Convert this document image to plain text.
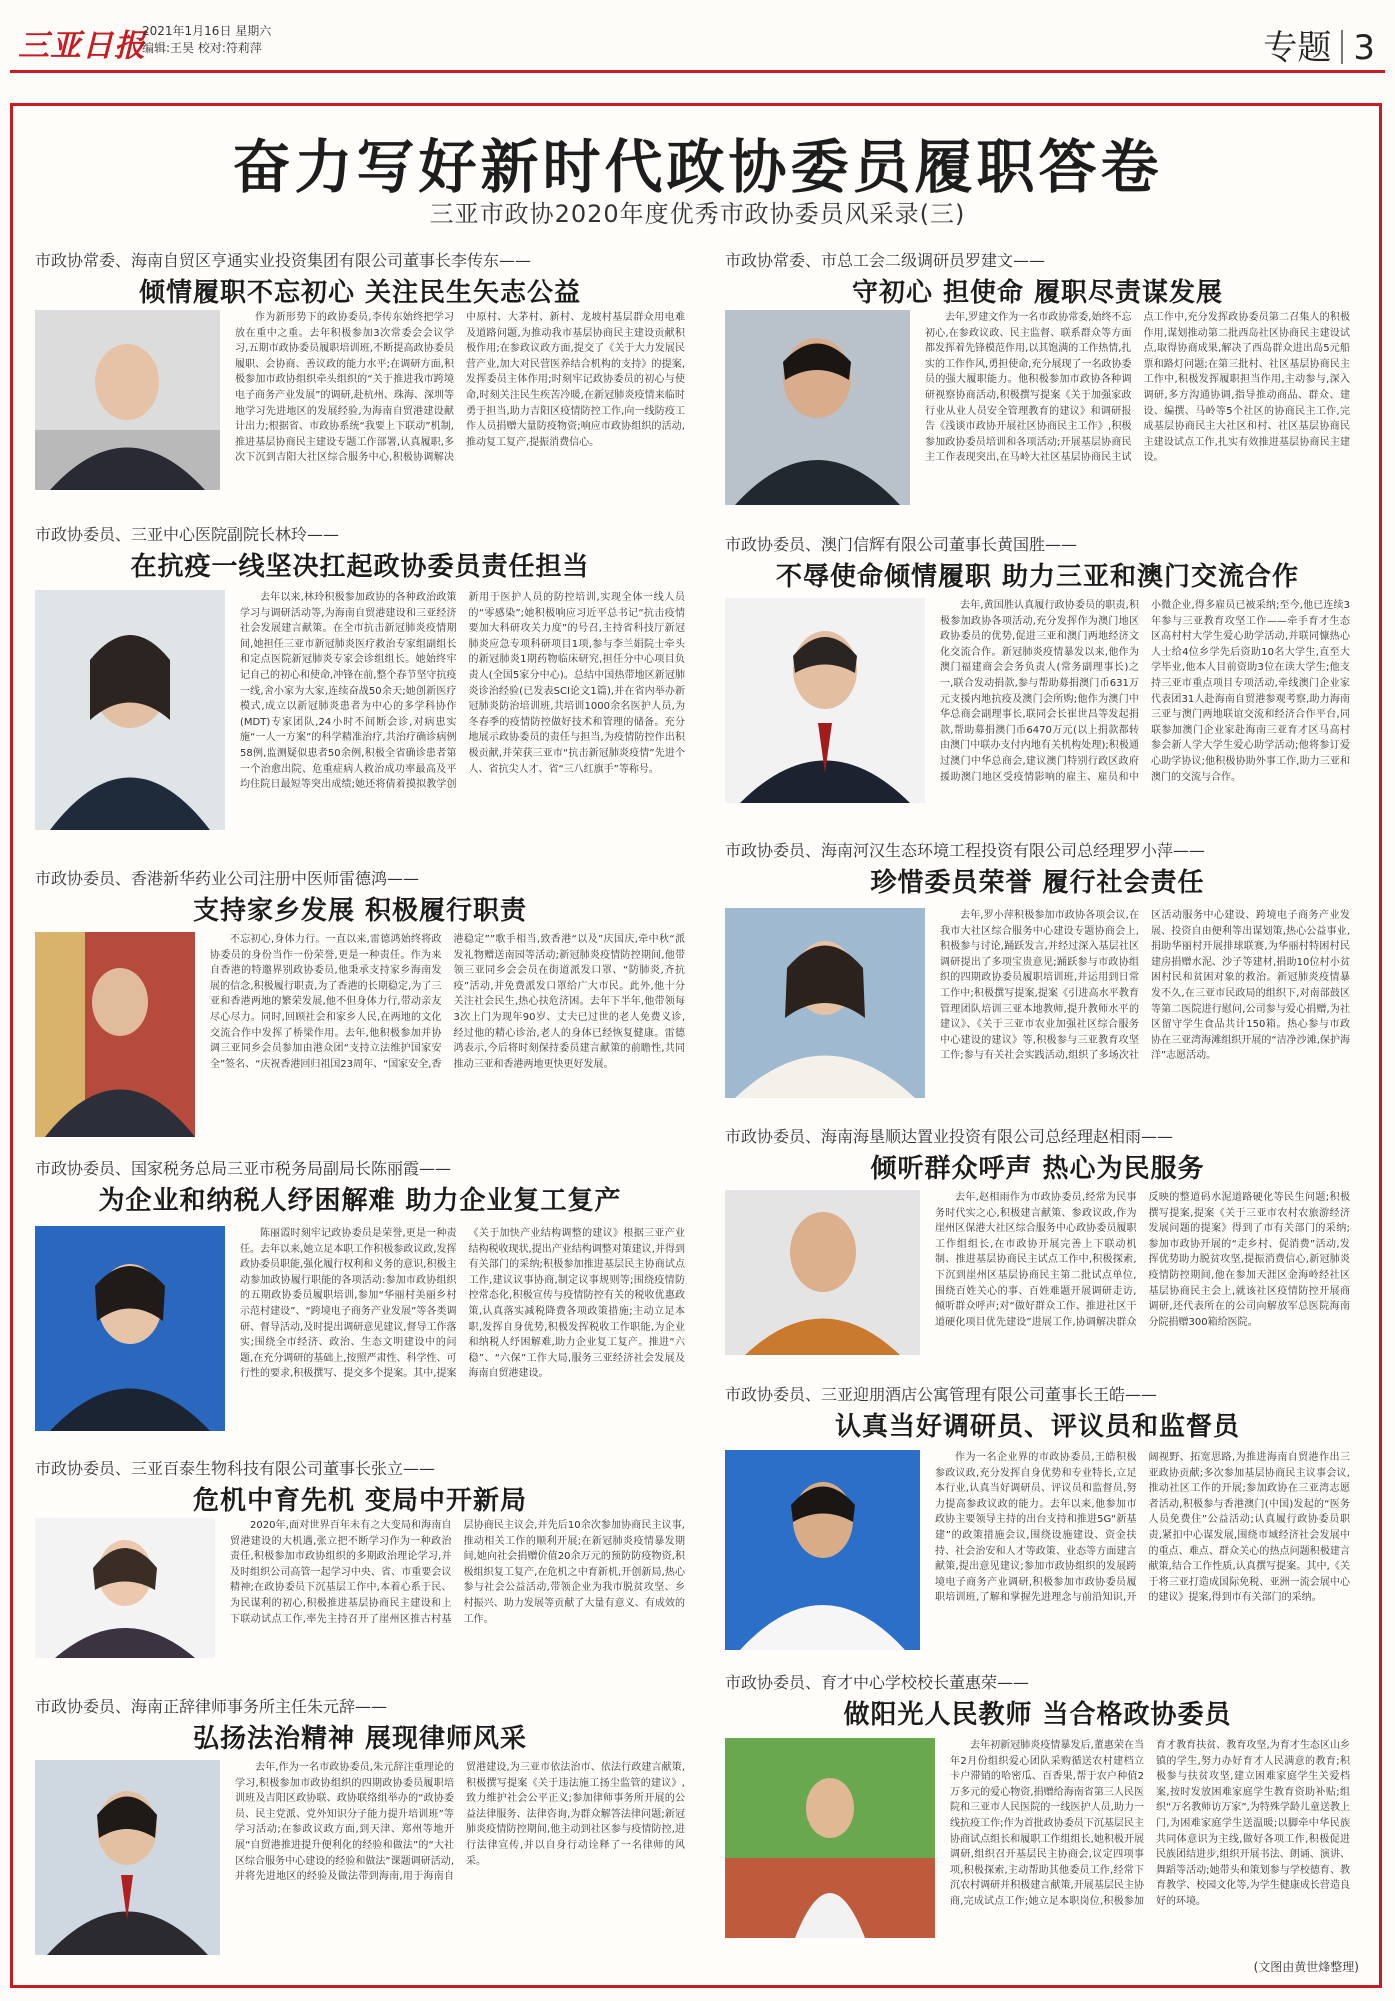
三亚日报
2021年1月16日 星期六
编辑:王昊 校对:符莉萍	专题 3
奋力写好新时代政协委员履职答卷
三亚市政协2020年度优秀市政协委员风采录(三)
市政协常委、海南自贸区亨通实业投资集团有限公司董事长李传东——
倾情履职不忘初心 关注民生矢志公益
作为新形势下的政协委员,李传东始终把学习放在重中之重。去年积极参加3次常委会会议学习,五期市政协委员履职培训班,不断提高政协委员履职、会协商、善议政的能力水平;在调研方面,积极参加市政协组织牵头组织的“关于推进我市跨境电子商务产业发展”的调研,赴杭州、珠海、深圳等地学习先进地区的发展经验,为海南自贸港建设献计出力;根据省、市政协系统“我要上下联动”机制,推进基层协商民主建设专题工作部署,认真履职,多次下沉到吉阳大社区综合服务中心,积极协调解决中原村、大茅村、新村、龙坡村基层群众用电难及道路问题,为推动我市基层协商民主建设贡献积极作用;在参政议政方面,提交了《关于大力发展民营产业,加大对民营医养结合机构的支持》的提案,发挥委员主体作用;时刻牢记政协委员的初心与使命,时刻关注民生疾苦冷暖,在新冠肺炎疫情来临时勇于担当,助力吉阳区疫情防控工作,向一线防疫工作人员捐赠大量防疫物资;响应市政协组织的活动,推动复工复产,提振消费信心。
市政协委员、三亚中心医院副院长林玲——
在抗疫一线坚决扛起政协委员责任担当
去年以来,林玲积极参加政协的各种政治政策学习与调研活动等,为海南自贸港建设和三亚经济社会发展建言献策。在全市抗击新冠肺炎疫情期间,她担任三亚市新冠肺炎医疗救治专家组副组长和定点医院新冠肺炎专家会诊组组长。她始终牢记自己的初心和使命,冲锋在前,整个春节坚守抗疫一线,舍小家为大家,连续奋战50余天;她创新医疗模式,成立以新冠肺炎患者为中心的多学科协作(MDT)专家团队,24小时不间断会诊,对病患实施“一人一方案”的科学精准治疗,共治疗确诊病例58例,监测疑似患者50余例,积极全省确诊患者第一个治愈出院、危重症病人救治成功率最高及平均住院日最短等突出成绩;她还将倩着摸拟教学创新用于医护人员的防控培训,实现全体一线人员的“零感染”;她积极响应习近平总书记“抗击疫情要加大科研攻关力度”的号召,主持省科技厅新冠肺炎应急专项科研项目1项,参与李兰娟院士牵头的新冠肺炎1期药物临床研究,担任分中心项目负责人(全国5家分中心)。总结中国热带地区新冠肺炎诊治经验(已发表SCI论文1篇),并在省内举办新冠肺炎防治培训班,共培训1000余名医护人员,为冬春季的疫情防控做好技术和管理的储备。充分地展示政协委员的责任与担当,为疫情防控作出积极贡献,并荣获三亚市“抗击新冠肺炎疫情”先进个人、省抗尖人才、省“三八红旗手”等称号。
市政协委员、香港新华药业公司注册中医师雷德鸿——
支持家乡发展 积极履行职责
不忘初心,身体力行。一直以来,雷德鸿始终将政协委员的身份当作一份荣誉,更是一种责任。作为来自香港的特邀界别政协委员,他秉承支持家乡海南发展的信念,积极履行职责,为了香港的长期稳定,为了三亚和香港两地的繁荣发展,他不但身体力行,带动亲友尽心尽力。同时,回顾社会和家乡人民,在两地的文化交流合作中发挥了桥梁作用。去年,他积极参加并协调三亚同乡会员参加由港众团“支持立法维护国家安全”签名、“庆祝香港回归祖国23周年、“国家安全,香港稳定””歌手相当,致香港“以及”庆国庆,牵中秋“派发礼物赠送南园等活动;新冠肺炎疫情防控期间,他带领三亚同乡会会员在街道派发口罩、“防肺炎,齐抗疫”活动,并免费派发口罩给广大市民。此外,他十分关注社会民生,热心扶危济困。去年下半年,他带领每3次上门为现年90岁、丈夫已过世的老人免费义诊,经过他的精心诊治,老人的身体已经恢复健康。雷德鸿表示,今后将时刻保持委员建言献策的前瞻性,共同推动三亚和香港两地更快更好发展。
市政协委员、国家税务总局三亚市税务局副局长陈丽霞——
为企业和纳税人纾困解难 助力企业复工复产
陈丽霞时刻牢记政协委员是荣誉,更是一种责任。去年以来,她立足本职工作积极参政议政,发挥政协委员职能,强化履行权利和义务的意识,积极主动参加政协履行职能的各项活动:参加市政协组织的五期政协委员履职培训,参加“华丽村美丽乡村示范村建设”、“跨境电子商务产业发展”等各类调研、督导活动,及时提出调研意见建议,督导工作落实;围绕全市经济、政治、生态文明建设中的问题,在充分调研的基础上,按照严肃性、科学性、可行性的要求,积极撰写、提交多个提案。其中,提案《关于加快产业结构调整的建议》根据三亚产业结构税收现状,提出产业结构调整对策建议,并得到有关部门的采纳;积极参加推进基层民主协商试点工作,建议议事协商,制定议事规则等;围绕疫情防控常态化,积极宣传与疫情防控有关的税收优惠政策,认真落实减税降费各项政策措施;主动立足本职,发挥自身优势,积极发挥税收工作职能,为企业和纳税人纾困解难,助力企业复工复产。推进“六稳”、“六保”工作大局,服务三亚经济社会发展及海南自贸港建设。
市政协委员、三亚百泰生物科技有限公司董事长张立——
危机中育先机 变局中开新局
2020年,面对世界百年未有之大变局和海南自贸港建设的大机遇,张立把不断学习作为一种政治责任,积极参加市政协组织的多期政治理论学习,并及时组织公司高管一起学习中央、省、市重要会议精神;在政协委员下沉基层工作中,本着心系于民、为民谋利的初心,积极推进基层协商民主建设和上下联动试点工作,率先主持召开了崖州区推古村基层协商民主议会,并先后10余次参加协商民主议事,推动相关工作的顺利开展;在新冠肺炎疫情暴发期间,她向社会捐赠价值20余万元的预防防疫物资,积极组织复工复产,在危机之中育新机,开创新局,热心参与社会公益活动,带领企业为我市脱贫攻坚、乡村振兴、助力发展等贡献了大量有意义、有成效的工作。
市政协委员、海南正辞律师事务所主任朱元辞——
弘扬法治精神 展现律师风采
去年,作为一名市政协委员,朱元辞注重理论的学习,积极参加市政协组织的四期政协委员履职培训班及吉阳区政协联、政协联络组举办的“政协委员、民主党派、党外知识分子能力提升培训班”等学习活动;在参政议政方面,到天津、郑州等地开展“自贸港推进提升便利化的经验和做法”的“大社区综合服务中心建设的经验和做法”课题调研活动,并将先进地区的经验及做法带到海南,用于海南自贸港建设,为三亚市依法治市、依法行政建言献策,积极撰写提案《关于违法施工扬尘监管的建议》,致力维护社会公平正义;参加律师事务所开展的公益法律服务、法律咨询,为群众解答法律问题;新冠肺炎疫情防控期间,他主动到社区参与疫情防控,进行法律宣传,并以自身行动诠释了一名律师的风采。
市政协常委、市总工会二级调研员罗建文——
守初心 担使命 履职尽责谋发展
去年,罗建文作为一名市政协常委,始终不忘初心,在参政议政、民主监督、联系群众等方面都发挥着先锋模范作用,以其饱满的工作热情,扎实的工作作风,勇担使命,充分展现了一名政协委员的强大履职能力。他积极参加市政协各种调研视察协商活动,积极撰写提案《关于加强家政行业从业人员安全管理教育的建议》和调研报告《浅谈市政协开展社区协商民主工作》,积极参加政协委员培训和各项活动;开展基层协商民主工作表现突出,在马岭大社区基层协商民主试点工作中,充分发挥政协委员第二召集人的积极作用,谋划推动第二批西岛社区协商民主建设试点,取得协商成果,解决了西岛群众进出岛5元船票和路灯问题;在第三批村、社区基层协商民主工作中,积极发挥履职担当作用,主动参与,深入调研,多方沟通协调,指导推动商品、群众、建设、编撰、马岭等5个社区的协商民主工作,完成基层协商民主大社区和村、社区基层协商民主建设试点工作,扎实有效推进基层协商民主建设。
市政协委员、澳门信辉有限公司董事长黄国胜——
不辱使命倾情履职 助力三亚和澳门交流合作
去年,黄国胜认真履行政协委员的职责,积极参加政协各项活动,充分发挥作为澳门地区政协委员的优势,促进三亚和澳门两地经济文化交流合作。新冠肺炎疫情暴发以来,他作为澳门福建商会会务负责人(常务副理事长)之一,联合发动捐款,参与帮助募捐澳门币631万元支援内地抗疫及澳门会所购;他作为澳门中华总商会副理事长,联同会长崔世昌等发起捐款,帮助募捐澳门币6470万元(以上捐款都转由澳门中联办支付内地有关机构处理);积极通过澳门中华总商会,建议澳门特别行政区政府援助澳门地区受疫情影响的雇主、雇员和中小微企业,得多雇员已被采纳;至今,他已连续3年参与三亚教育攻坚工作——牵手育才生态区高村村大学生爱心助学活动,并联同慷热心人士给4位乡学先后资助10名大学生,直至大学毕业,他本人目前资助3位在读大学生;他支持三亚市重点项目专项活动,牵线澳门企业家代表团31人赴海南自贸港参观考察,助力海南三亚与澳门两地联谊交流和经济合作平台,同联参加澳门企业家赴海南三亚育才区马高村参会新人学大学生爱心助学活动;他将参订爱心助学协议;他积极协助外事工作,助力三亚和澳门的交流与合作。
市政协委员、海南河汉生态环境工程投资有限公司总经理罗小萍——
珍惜委员荣誉 履行社会责任
去年,罗小萍积极参加市政协各项会议,在我市大社区综合服务中心建设专题协商会上,积极参与讨论,踊跃发言,并经过深入基层社区调研提出了多项宝贵意见;踊跃参与市政协组织的四期政协委员履职培训班,并运用到日常工作中;积极撰写提案,提案《引进高水平教育管理团队培训三亚本地教师,提升教师水平的建议》、《关于三亚市农业加强社区综合服务中心建设的建议》等,积极参与三亚教育攻坚工作;参与有关社会实践活动,组织了多场次社区活动服务中心建设、跨境电子商务产业发展、投资自由便利等出谋划策,热心公益事业,捐助华丽村开展排球联赛,为华丽村特困村民建房捐赠水泥、沙子等建材,捐助10位村小贫困村民和贫困对象的救治。新冠肺炎疫情暴发不久,在三亚市民政局的组织下,对南部鼓区等第二医院进行慰问,公司参与爱心捐赠,为社区留守学生食品共计150箱。热心参与市政协在三亚湾海滩组织开展的“洁净沙滩,保护海洋”志愿活动。
市政协委员、海南海垦顺达置业投资有限公司总经理赵相雨——
倾听群众呼声 热心为民服务
去年,赵相雨作为市政协委员,经常为民事务时代实之心,积极建言献策、参政议政,作为崖州区保港大社区综合服务中心政协委员履职工作组组长,在市政协开展完善上下联动机制、推进基层协商民主试点工作中,积极探索,下沉到崖州区基层协商民主第二批试点单位,围绕百姓关心的事、百姓难题开展调研走访,倾听群众呼声;对“做好群众工作、推进社区干道硬化项目优先建设”进展工作,协调解决群众反映的整道码水泥道路硬化等民生问题;积极撰写提案,提案《关于三亚市农村农旅游经济发展问题的提案》得到了市有关部门的采纳;参加市政协开展的“走乡村、促消费”活动,发挥优势助力脱贫攻坚,提振消费信心,新冠肺炎疫情防控期间,他在参加天涯区金海岭经社区基层协商民主会上,就该社区疫情防控开展商调研,还代表所在的公司向解放军总医院海南分院捐赠300箱给医院。
市政协委员、三亚迎朋酒店公寓管理有限公司董事长王皓——
认真当好调研员、评议员和监督员
作为一名企业界的市政协委员,王皓积极参政议政,充分发挥自身优势和专业特长,立足本行业,认真当好调研员、评议员和监督员,努力提高参政议政的能力。去年以来,他参加市政协主要领导主持的出台支持和推进5G“新基建”的政策措施会议,围绕设施建设、资金扶持、社会治安和人才等政策、业态等方面建言献策,提出意见建议;参加市政协组织的发展跨境电子商务产业调研,积极参加市政协委员履职培训班,了解和掌握先进理念与前沿知识,开阔视野、拓宽思路,为推进海南自贸港作出三亚政协贡献;多次参加基层协商民主议事会议,推动社区工作的开展;参加政协在三亚湾志愿者活动,积极参与香港澳门(中国)发起的“医务人员免费住”公益活动;认真履行政协委员职责,紧扣中心谋发展,围绕市域经济社会发展中的重点、难点、群众关心的热点问题积极建言献策,结合工作性质,认真撰写提案。其中,《关于将三亚打造成国际免税、亚洲一流会展中心的建议》提案,得到市有关部门的采纳。
市政协委员、育才中心学校校长董惠荣——
做阳光人民教师 当合格政协委员
去年初新冠肺炎疫情暴发后,董惠荣在当年2月份组织爱心团队采购循送农村建档立卡户滞销的哈密瓜、百香果,帮于农户种值2万多元的爱心物资,捐赠给海南省第三人民医院和三亚市人民医院的一线医护人员,助力一线抗疫工作;作为首批政协委员下沉基层民主协商试点组长和履职工作组组长,她积极开展调研,组织召开基层民主协商会,议定四项事项,积极探索,主动帮助其他委员工作,经常下沉农村调研并积极建言献策,开展基层民主协商,完成试点工作;她立足本职岗位,积极参加育才教育扶贫、教育攻坚,为育才生态区山乡镇的学生,努力办好育才人民满意的教育;积极参与扶贫攻坚,建立困难家庭学生关爱档案,按时发放困难家庭学生教育资助补贴;组织“万名教师访万家”,为特殊学龄儿童送教上门,为困难家庭学生送温暖;以脚牵中华民族共同体意识为主线,做好各项工作,积极促进民族团结进步,组织开展书法、朗诵、演讲、舞蹈等活动;她带头和策划参与学校德育、教育教学、校园文化等,为学生健康成长营造良好的环境。
(文图由黄世烽整理)
